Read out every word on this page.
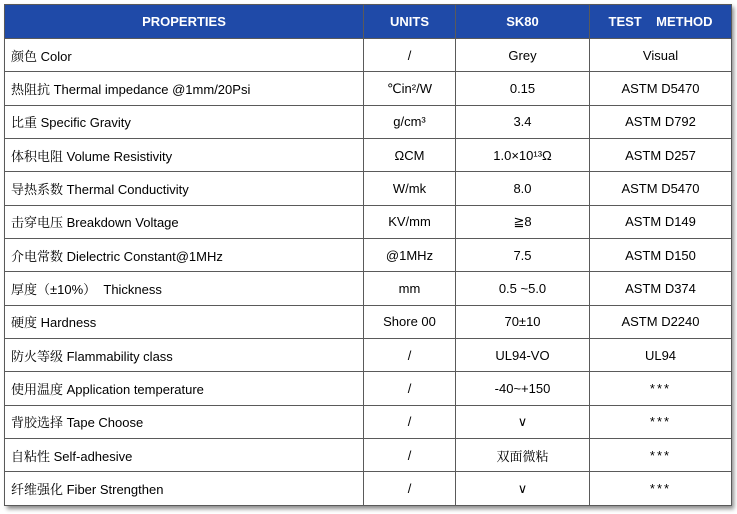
PROPERTIES	UNITS	SK80	TEST    METHOD
颜色 Color	/	Grey	Visual
热阻抗 Thermal impedance @1mm/20Psi	℃in²/W	0.15	ASTM D5470
比重 Specific Gravity	g/cm³	3.4	ASTM D792
体积电阻 Volume Resistivity	ΩCM	1.0×10¹³Ω	ASTM D257
导热系数 Thermal Conductivity	W/mk	8.0	ASTM D5470
击穿电压 Breakdown Voltage	KV/mm	≧8	ASTM D149
介电常数 Dielectric Constant@1MHz	@1MHz	7.5	ASTM D150
厚度（±10%）  Thickness	mm	0.5 ~5.0	ASTM D374
硬度 Hardness	Shore 00	70±10	ASTM D2240
防火等级 Flammability class	/	UL94-VO	UL94
使用温度 Application temperature	/	-40~+150	***
背胶选择 Tape Choose	/	∨	***
自粘性 Self-adhesive	/	双面微粘	***
纤维强化 Fiber Strengthen	/	∨	***
